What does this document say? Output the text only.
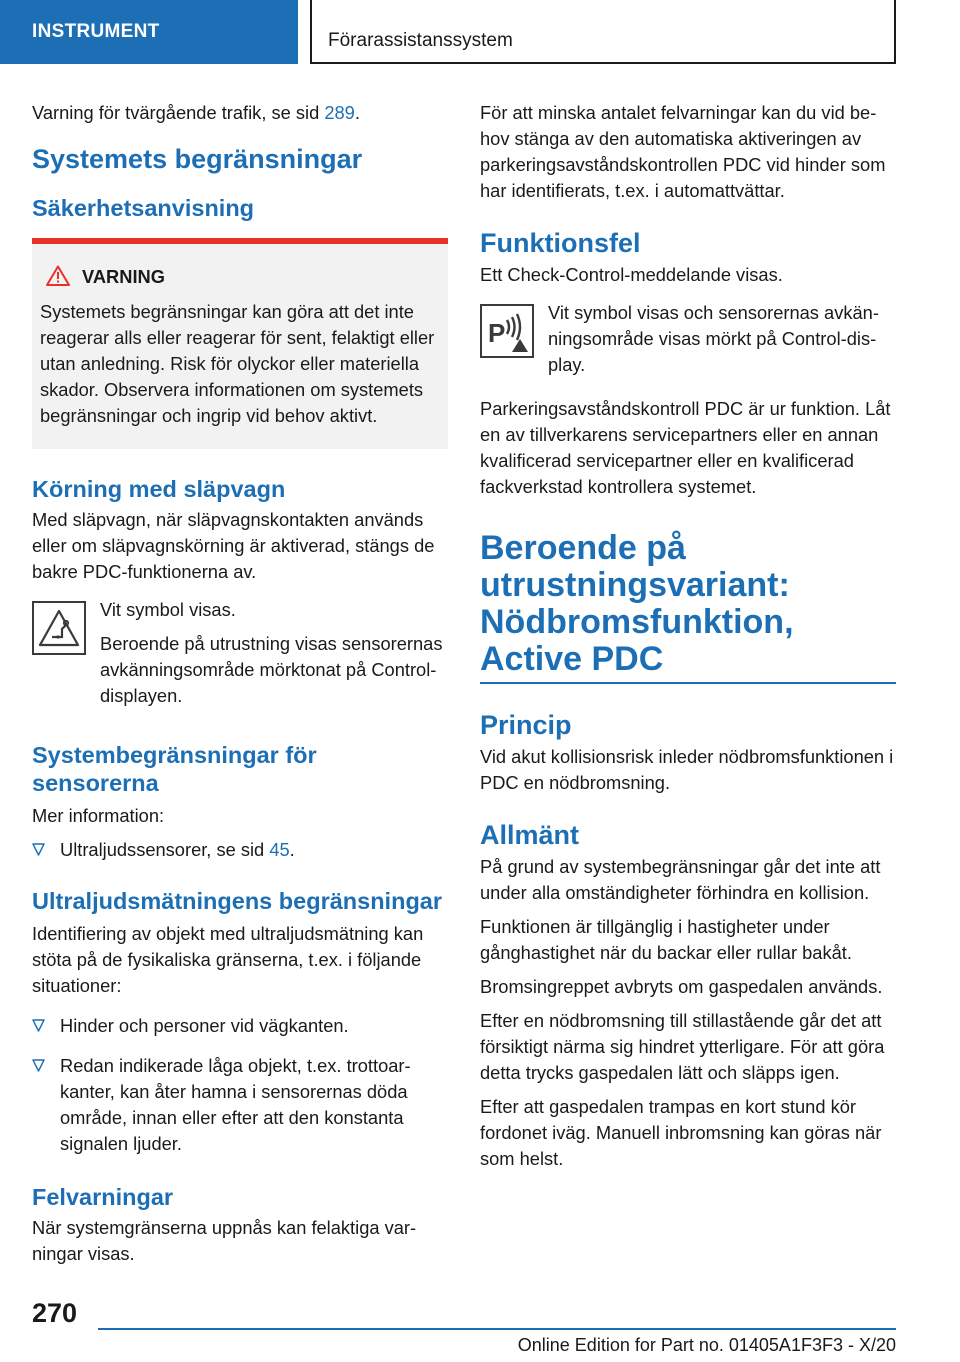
INSTRUMENT	Förarassistanssystem

Varning för tvärgående trafik, se sid 289.

Systemets begränsningar
Säkerhetsanvisning
VARNING

Systemets begränsningar kan göra att det inte reagerar alls eller reagerar för sent, felaktigt eller utan anledning. Risk för olyckor eller materiella skador. Observera informationen om systemets begränsningar och ingrip vid behov aktivt.

Körning med släpvagn

Med släpvagn, när släpvagnskontakten används eller om släpvagnskörning är aktiverad, stängs de bakre PDC-funktionerna av.

Vit symbol visas.

Beroende på utrustning visas sensorernas avkänningsområde mörktonat på Control-displayen.

Systembegränsningar för sensorerna

Mer information:

Ultraljudssensorer, se sid 45.

Ultraljudsmätningens begränsningar

Identifiering av objekt med ultraljudsmätning kan stöta på de fysikaliska gränserna, t.ex. i följande situationer:

Hinder och personer vid vägkanten.

Redan indikerade låga objekt, t.ex. trottoarkanter, kan åter hamna i sensorernas döda område, innan eller efter att den konstanta signalen ljuder.

Felvarningar

När systemgränserna uppnås kan felaktiga varningar visas.

För att minska antalet felvarningar kan du vid behov stänga av den automatiska aktiveringen av parkeringsavståndskontrollen PDC vid hinder som har identifierats, t.ex. i automattvättar.

Funktionsfel

Ett Check-Control-meddelande visas.

P

Vit symbol visas och sensorernas avkänningsområde visas mörkt på Control-display.

Parkeringsavståndskontroll PDC är ur funktion. Låt en av tillverkarens servicepartners eller en annan kvalificerad servicepartner eller en kvalificerad fackverkstad kontrollera systemet.

Beroende på utrustningsvariant: Nödbromsfunktion, Active PDC
Princip

Vid akut kollisionsrisk inleder nödbromsfunktionen i PDC en nödbromsning.

Allmänt

På grund av systembegränsningar går det inte att under alla omständigheter förhindra en kollision.

Funktionen är tillgänglig i hastigheter under gånghastighet när du backar eller rullar bakåt.

Bromsingreppet avbryts om gaspedalen används.

Efter en nödbromsning till stillastående går det att försiktigt närma sig hindret ytterligare. För att göra detta trycks gaspedalen lätt och släpps igen.

Efter att gaspedalen trampas en kort stund kör fordonet iväg. Manuell inbromsning kan göras när som helst.

270
Online Edition for Part no. 01405A1F3F3 - X/20
